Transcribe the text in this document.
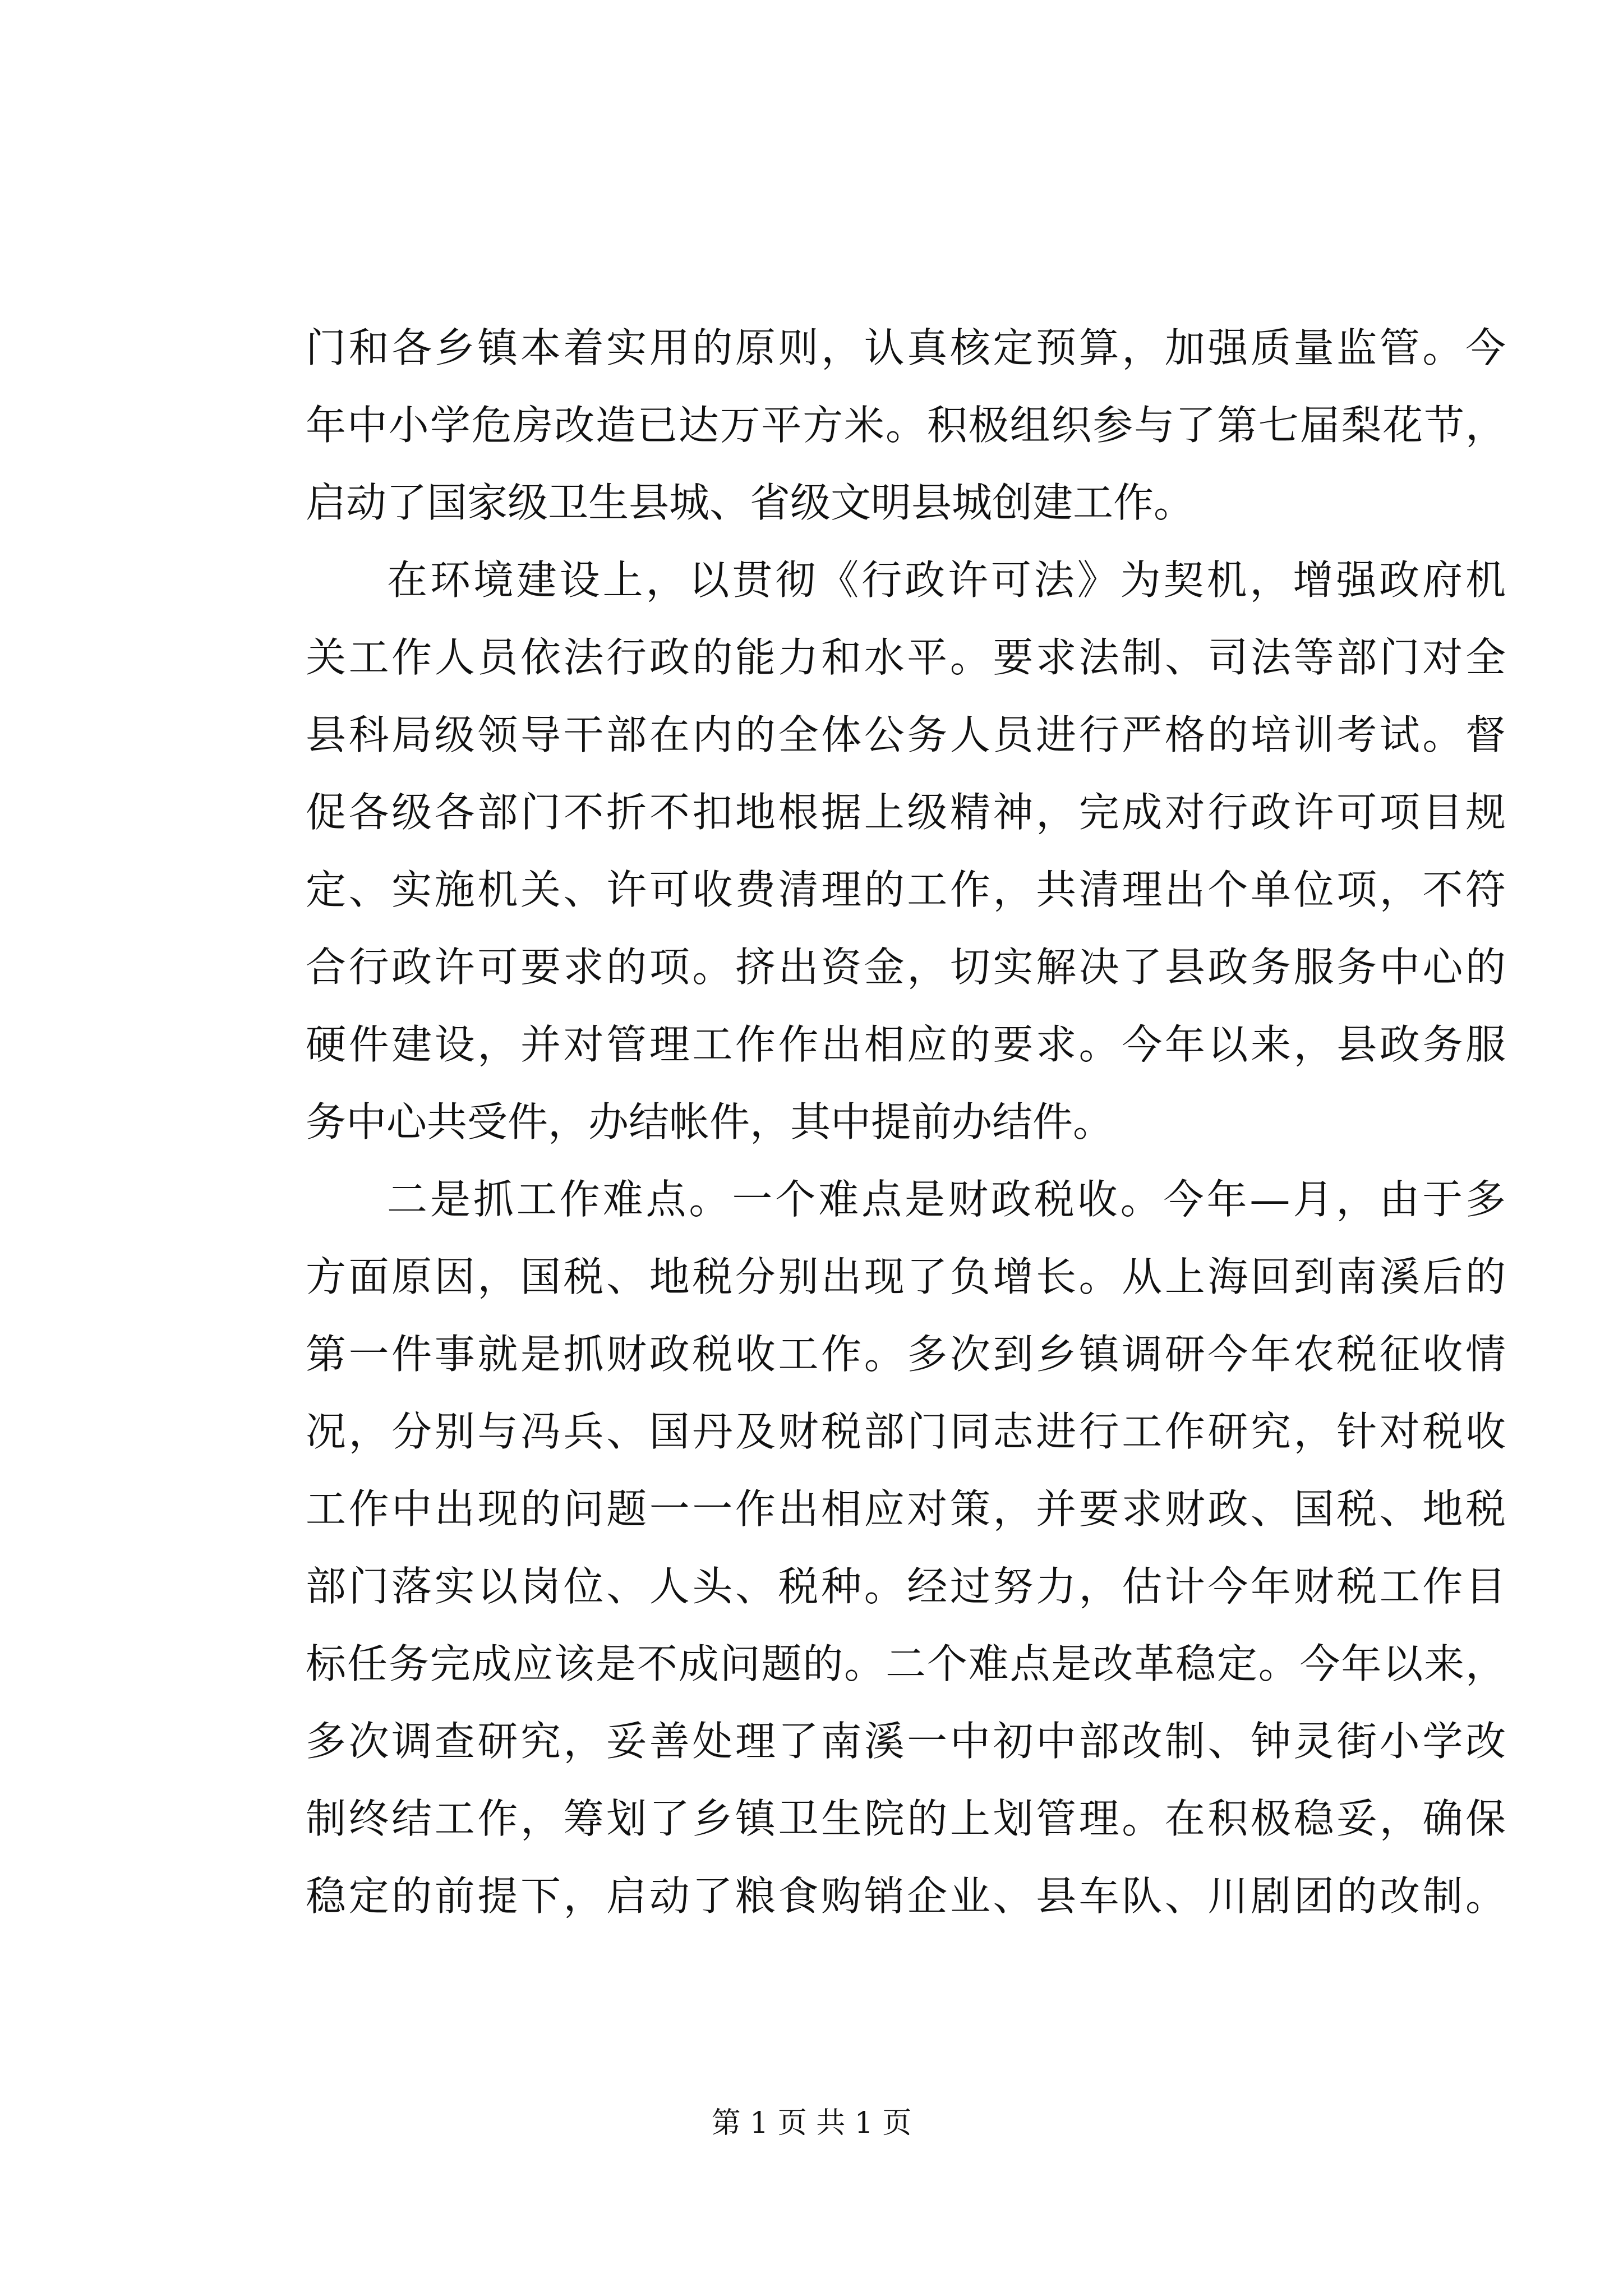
门和各乡镇本着实用的原则，认真核定预算，加强质量监管。今
年中小学危房改造已达万平方米。积极组织参与了第七届梨花节，
启动了国家级卫生县城、省级文明县城创建工作。
在环境建设上，以贯彻《行政许可法》为契机，增强政府机
关工作人员依法行政的能力和水平。要求法制、司法等部门对全
县科局级领导干部在内的全体公务人员进行严格的培训考试。督
促各级各部门不折不扣地根据上级精神，完成对行政许可项目规
定、实施机关、许可收费清理的工作，共清理出个单位项，不符
合行政许可要求的项。挤出资金，切实解决了县政务服务中心的
硬件建设，并对管理工作作出相应的要求。今年以来，县政务服
务中心共受件，办结帐件，其中提前办结件。
二是抓工作难点。一个难点是财政税收。今年—月，由于多
方面原因，国税、地税分别出现了负增长。从上海回到南溪后的
第一件事就是抓财政税收工作。多次到乡镇调研今年农税征收情
况，分别与冯兵、国丹及财税部门同志进行工作研究，针对税收
工作中出现的问题一一作出相应对策，并要求财政、国税、地税
部门落实以岗位、人头、税种。经过努力，估计今年财税工作目
标任务完成应该是不成问题的。二个难点是改革稳定。今年以来，
多次调查研究，妥善处理了南溪一中初中部改制、钟灵街小学改
制终结工作，筹划了乡镇卫生院的上划管理。在积极稳妥，确保
稳定的前提下，启动了粮食购销企业、县车队、川剧团的改制。
第 1 页 共 1 页
